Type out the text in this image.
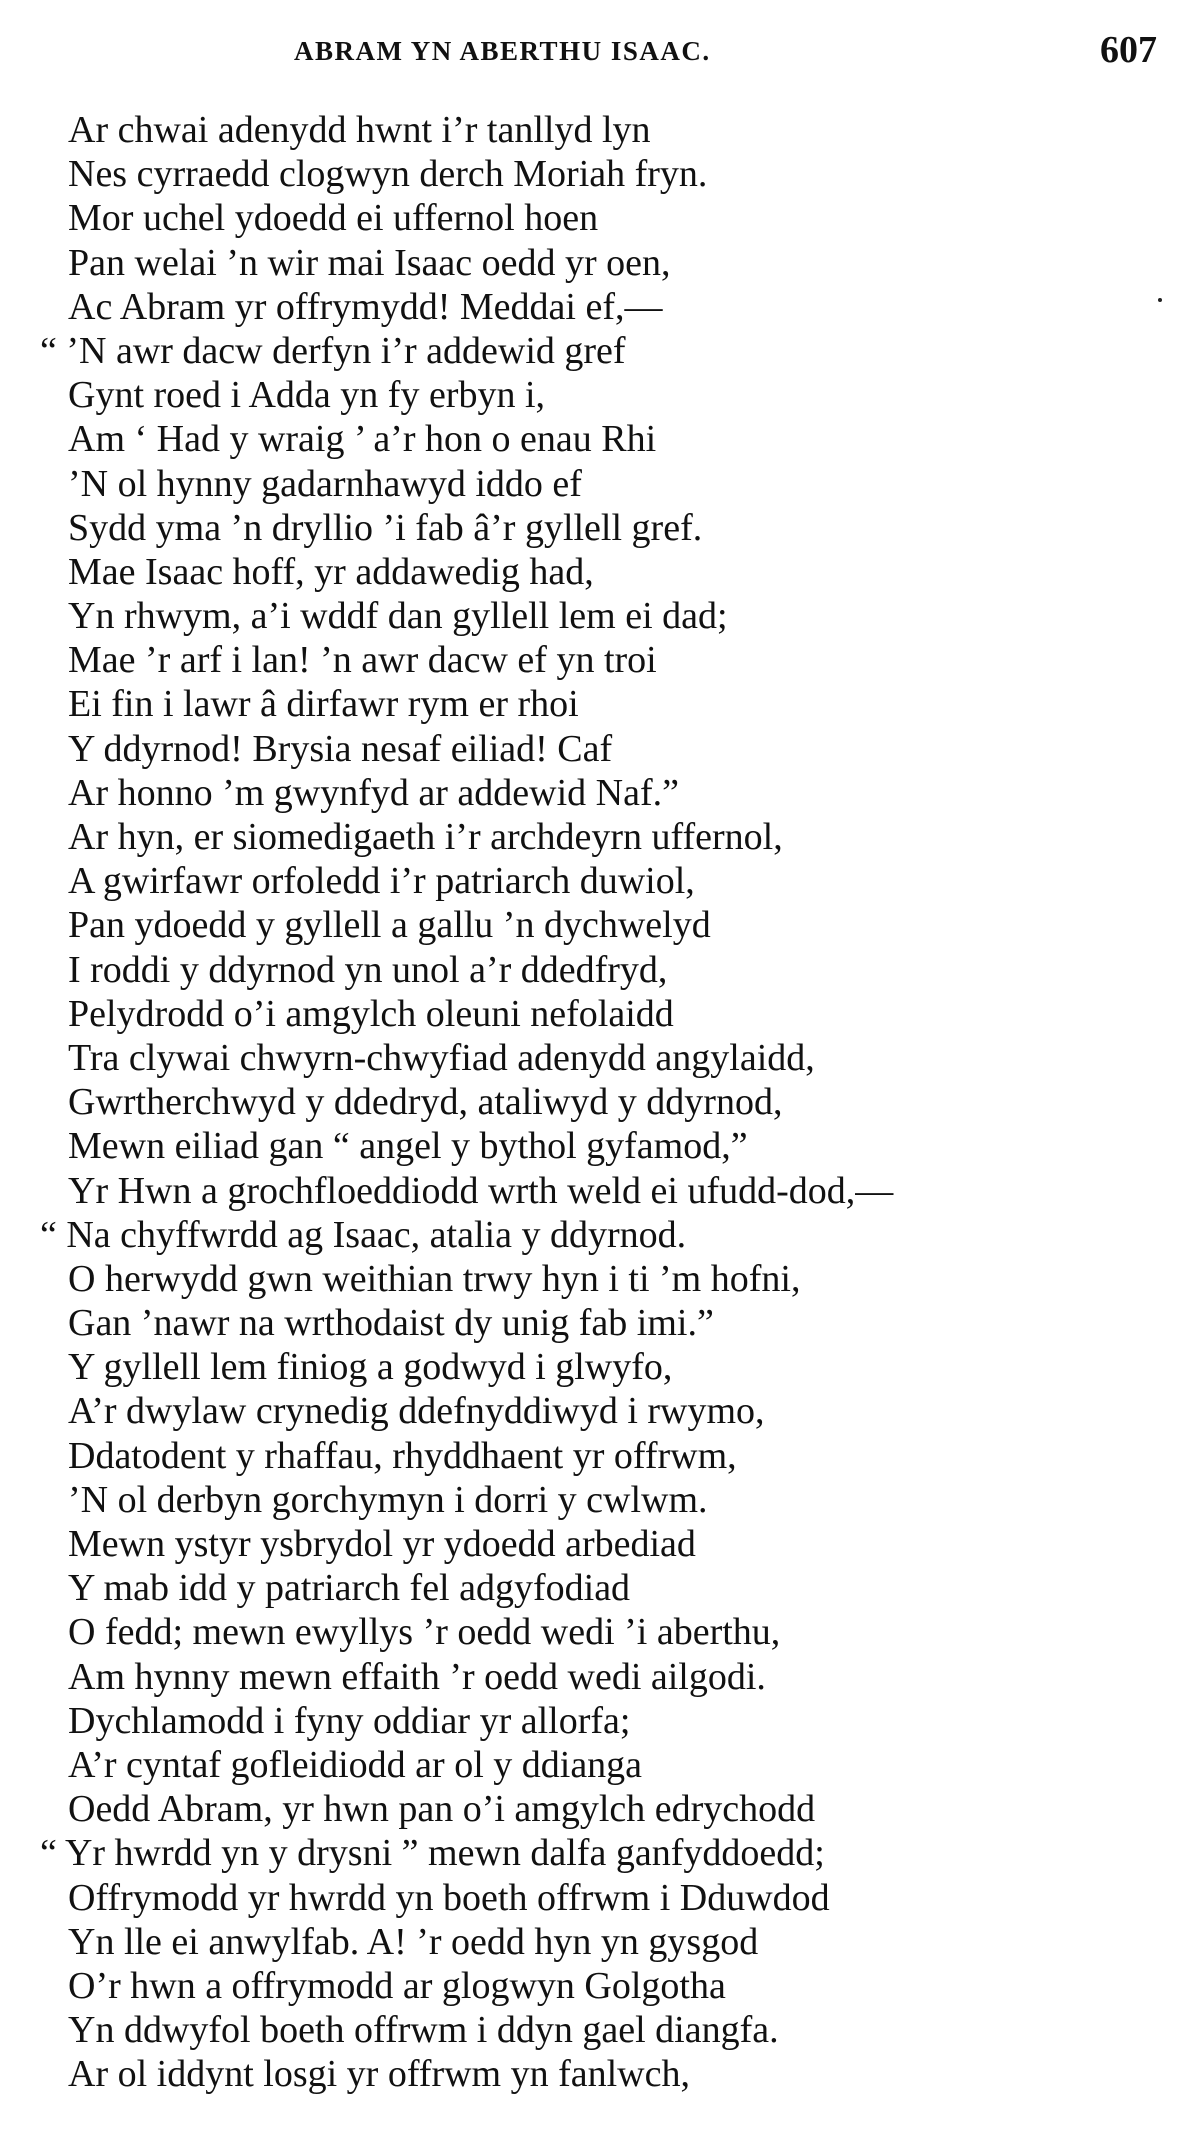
ABRAM YN ABERTHU ISAAC.	607
Ar chwai adenydd hwnt i’r tanllyd lyn
Nes cyrraedd clogwyn derch Moriah fryn.
Mor uchel ydoedd ei uffernol hoen
Pan welai ’n wir mai Isaac oedd yr oen,
Ac Abram yr offrymydd! Meddai ef,—
“ ’N awr dacw derfyn i’r addewid gref
Gynt roed i Adda yn fy erbyn i,
Am ‘ Had y wraig ’ a’r hon o enau Rhi
’N ol hynny gadarnhawyd iddo ef
Sydd yma ’n dryllio ’i fab â’r gyllell gref.
Mae Isaac hoff, yr addawedig had,
Yn rhwym, a’i wddf dan gyllell lem ei dad;
Mae ’r arf i lan! ’n awr dacw ef yn troi
Ei fin i lawr â dirfawr rym er rhoi
Y ddyrnod! Brysia nesaf eiliad! Caf
Ar honno ’m gwynfyd ar addewid Naf.”
Ar hyn, er siomedigaeth i’r archdeyrn uffernol,
A gwirfawr orfoledd i’r patriarch duwiol,
Pan ydoedd y gyllell a gallu ’n dychwelyd
I roddi y ddyrnod yn unol a’r ddedfryd,
Pelydrodd o’i amgylch oleuni nefolaidd
Tra clywai chwyrn-chwyfiad adenydd angylaidd,
Gwrtherchwyd y ddedryd, ataliwyd y ddyrnod,
Mewn eiliad gan “ angel y bythol gyfamod,”
Yr Hwn a grochfloeddiodd wrth weld ei ufudd-dod,—
“ Na chyffwrdd ag Isaac, atalia y ddyrnod.
O herwydd gwn weithian trwy hyn i ti ’m hofni,
Gan ’nawr na wrthodaist dy unig fab imi.”
Y gyllell lem finiog a godwyd i glwyfo,
A’r dwylaw crynedig ddefnyddiwyd i rwymo,
Ddatodent y rhaffau, rhyddhaent yr offrwm,
’N ol derbyn gorchymyn i dorri y cwlwm.
Mewn ystyr ysbrydol yr ydoedd arbediad
Y mab idd y patriarch fel adgyfodiad
O fedd; mewn ewyllys ’r oedd wedi ’i aberthu,
Am hynny mewn effaith ’r oedd wedi ailgodi.
Dychlamodd i fyny oddiar yr allorfa;
A’r cyntaf gofleidiodd ar ol y ddianga
Oedd Abram, yr hwn pan o’i amgylch edrychodd
“ Yr hwrdd yn y drysni ” mewn dalfa ganfyddoedd;
Offrymodd yr hwrdd yn boeth offrwm i Dduwdod
Yn lle ei anwylfab. A! ’r oedd hyn yn gysgod
O’r hwn a offrymodd ar glogwyn Golgotha
Yn ddwyfol boeth offrwm i ddyn gael diangfa.
Ar ol iddynt losgi yr offrwm yn fanlwch,
